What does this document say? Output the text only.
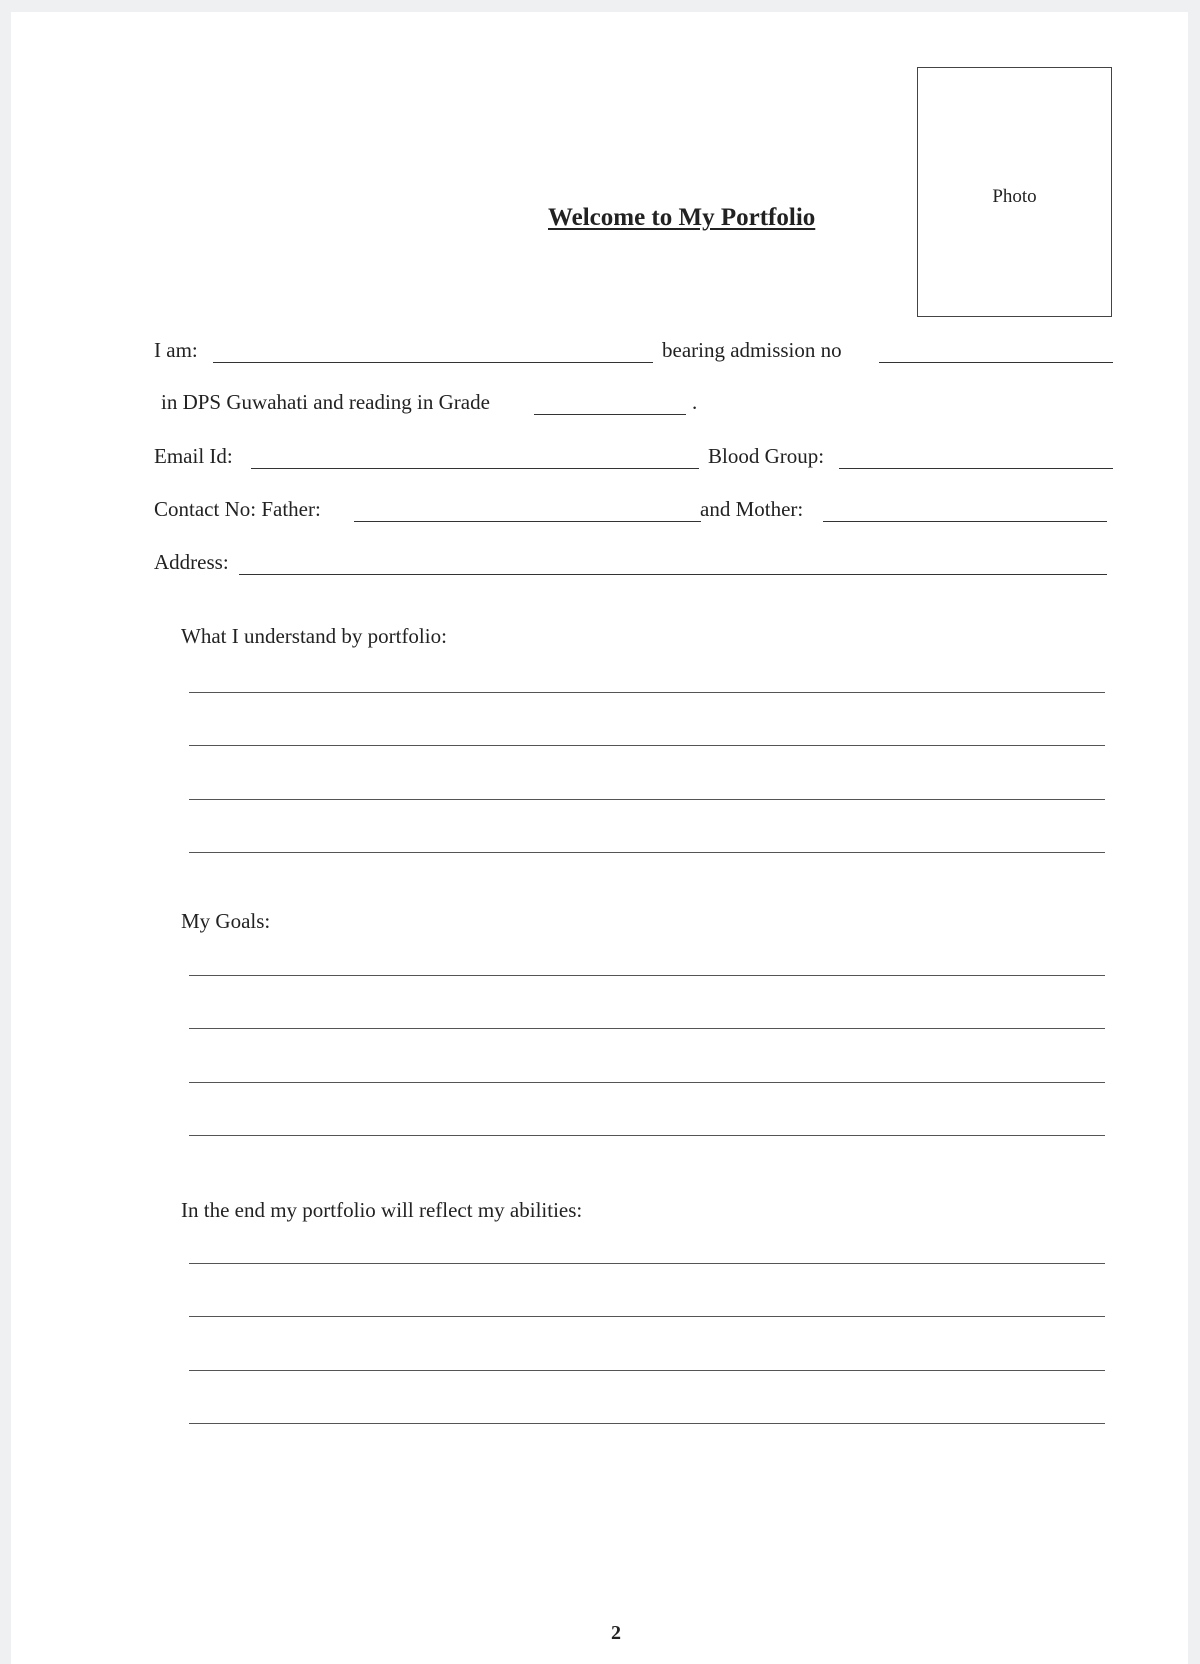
Welcome to My Portfolio
Photo
I am:	bearing admission no
in DPS Guwahati and reading in Grade	.
Email Id:	Blood Group:
Contact No: Father:	and Mother:
Address:
What I understand by portfolio:
My Goals:
In the end my portfolio will reflect my abilities:
2
